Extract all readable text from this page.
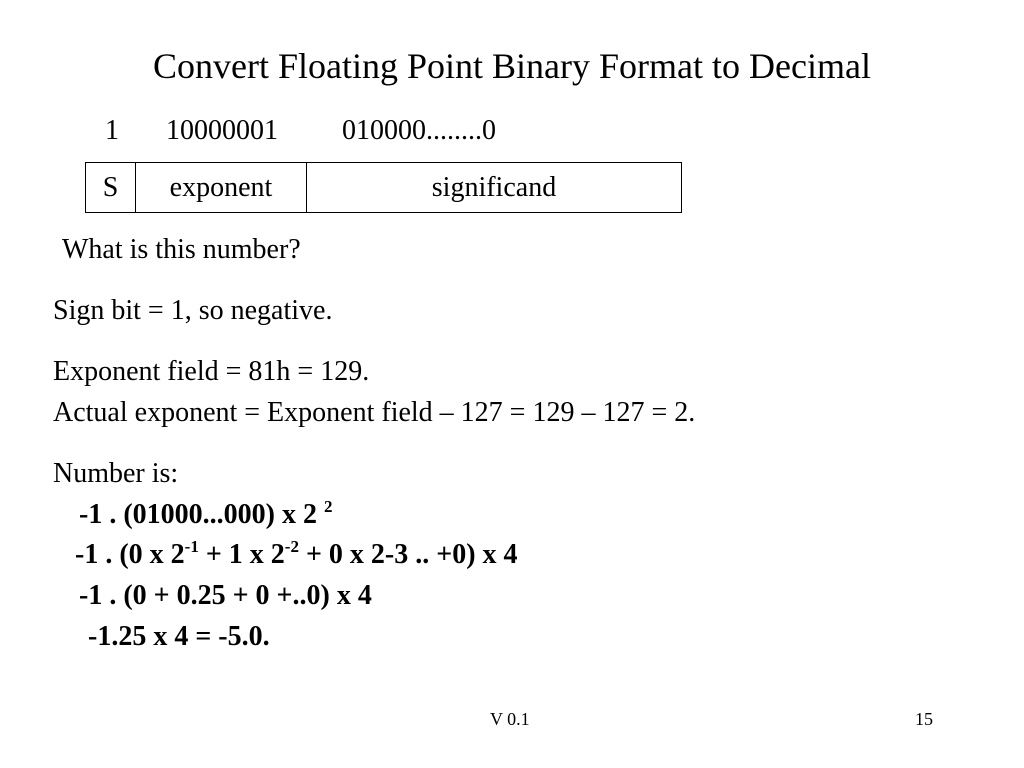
Convert Floating Point Binary Format to Decimal
1 10000001 010000........0
S	exponent	significand
What is this number?
Sign bit = 1, so negative.
Exponent field = 81h = 129.
Actual exponent = Exponent field – 127 = 129 – 127 = 2.
Number is:
-1 . (01000...000) x 2 $^2$
-1 . (0 x $2^{-1} + 1$ x $2^{-2} + 0$ x 2-3 .. +0) x 4
-1 . (0 + 0.25 + 0 +..0) x 4
-1.25 x 4 = -5.0.
V 0.1	15
